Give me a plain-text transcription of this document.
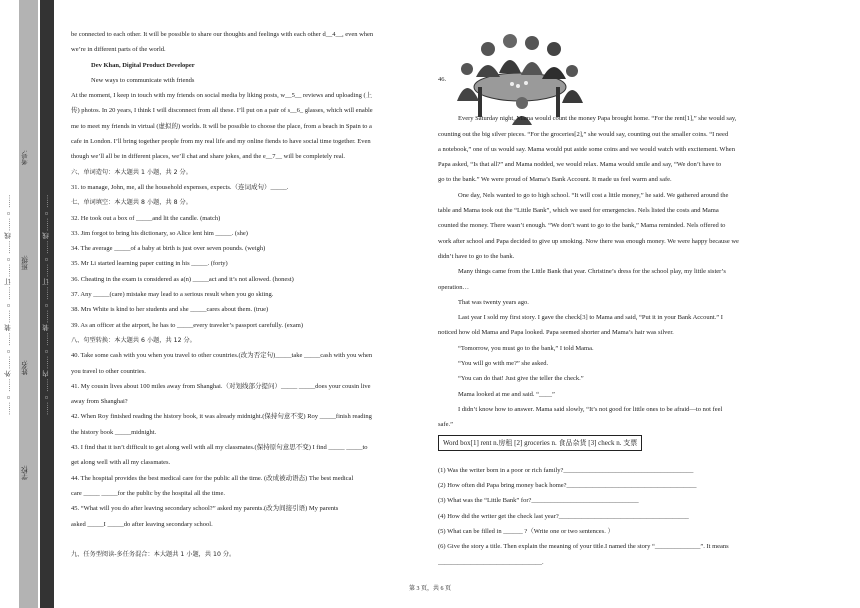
…… ○ …… 外 …… ○ …… 装 …… ○ …… 订 …… ○ …… 线 …… ○ ……
学校:
姓名:
班级:
考号:
…… ○ …… 内 …… ○ …… 装 …… ○ …… 订 …… ○ …… 线 …… ○ ……

be connected to each other. It will be possible to share our thoughts and feelings with each other d__4__, even when

we’re in different parts of the world.

Dev Khan, Digital Product Developer

New ways to communicate with friends

At the moment, I keep in touch with my friends on social media by liking posts, w__5__ reviews and uploading (上

传) photos. In 20 years, I think I will disconnect from all these. I’ll put on a pair of s__6_ glasses, which will enable

me to meet my friends in virtual (虚拟的) worlds. It will be possible to choose the place, from a beach in Spain to a

cafe in London. I’ll bring together people from my real life and my online fiends to have social time together. Even

though we’ll all be in different places, we’ll chat and share jokes, and the e__7__ will be completely real.

六、单词造句：本大题共 1 小题，共 2 分。

31. to manage, John, me, all the household expenses, expects.（连词成句）_____.

七、单词填空：本大题共 8 小题，共 8 分。

32. He took out a box of _____and lit the candle. (match)

33. Jim forgot to bring his dictionary, so Alice lent him _____. (she)

34. The average _____of a baby at birth is just over seven pounds. (weigh)

35. Mr Li started learning paper cutting in his _____. (forty)

36. Cheating in the exam is considered as a(n) _____act and it’s not allowed. (honest)

37. Any _____(care) mistake may lead to a serious result when you go skiing.

38. Mrs White is kind to her students and she _____cares about them. (true)

39. As an officer at the airport, he has to _____every traveler’s passport carefully. (exam)

八、句型转换：本大题共 6 小题，共 12 分。

40. Take some cash with you when you travel to other countries.(改为否定句)_____take _____cash with you when

you travel to other countries.

41. My cousin lives about 100 miles away from Shanghai.（对划线部分提问）_____ _____does your cousin live

away from Shanghai?

42. When Roy finished reading the history book, it was already midnight.(保持句意不变) Roy _____finish reading

the history book _____midnight.

43. I find that it isn’t difficult to get along well with all my classmates.(保持原句意思不变) I find _____ _____to

get along well with all my classmates.

44. The hospital provides the best medical care for the public all the time. (改成被动语态) The best medical

care _____ _____for the public by the hospital all the time.

45. “What will you do after leaving secondary school?” asked my parents.(改为间接引语) My parents

asked _____I _____do after leaving secondary school.

九、任务型阅读-多任务混合：本大题共 1 小题，共 10 分。

46.

Every Saturday night, Mama would count the money Papa brought home. “For the rent[1],” she would say,

counting out the big silver pieces. “For the groceries[2],” she would say, counting out the smaller coins. “I need

a notebook,” one of us would say. Mama would put aside some coins and we would watch with excitement. When

Papa asked, “Is that all?” and Mama nodded, we would relax. Mama would smile and say, “We don’t have to

go to the bank.” We were proud of Mama’s Bank Account. It made us feel warm and safe.

One day, Nels wanted to go to high school. “It will cost a little money,” he said. We gathered around the

table and Mama took out the “Little Bank”, which we used for emergencies. Nels listed the costs and Mama

counted the money. There wasn’t enough. “We don’t want to go to the bank,” Mama reminded. Nels offered to

work after school and Papa decided to give up smoking. Now there was enough money. We were happy because we

didn’t have to go to the bank.

Many things came from the Little Bank that year. Christine’s dress for the school play, my little sister’s

operation…

That was twenty years ago.

Last year I sold my first story. I gave the check[3] to Mama and said, “Put it in your Bank Account.” I

noticed how old Mama and Papa looked. Papa seemed shorter and Mama’s hair was silver.

“Tomorrow, you must go to the bank,” I told Mama.

“You will go with me?” she asked.

“You can do that! Just give the teller the check.”

Mama looked at me and said. “____”

I didn’t know how to answer. Mama said slowly, “It’s not good for little ones to be afraid—to not feel

safe.”

Word box[1] rent n.房租 [2] groceries n. 食品杂货 [3] check n. 支票

(1) Was the writer born in a poor or rich family?________________________________________

(2) How often did Papa bring money back home?________________________________________

(3) What was the “Little Bank” for?_________________________________

(4) How did the writer get the check last year?________________________________________

(5) What can be filled in ______ ?（Write one or two sentences. ）

(6) Give the story a title. Then explain the meaning of your title.I named the story “______________”. It means

________________________________.

第 3 页，共 6 页
